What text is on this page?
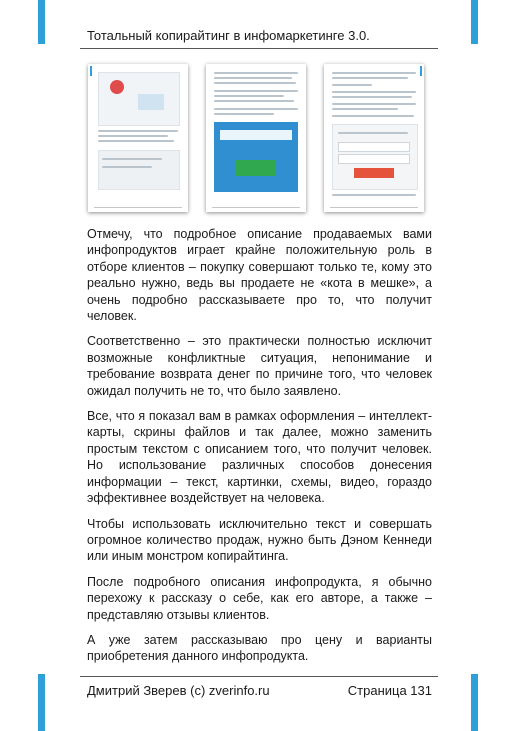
Тотальный копирайтинг в инфомаркетинге 3.0.

Отмечу, что подробное описание продаваемых вами инфопродуктов играет крайне положительную роль в отборе клиентов – покупку совершают только те, кому это реально нужно, ведь вы продаете не «кота в мешке», а очень подробно рассказываете про то, что получит человек.

Соответственно – это практически полностью исключит возможные конфликтные ситуация, непонимание и требование возврата денег по причине того, что человек ожидал получить не то, что было заявлено.

Все, что я показал вам в рамках оформления – интеллект-карты, скрины файлов и так далее, можно заменить простым текстом с описанием того, что получит человек. Но использование различных способов донесения информации – текст, картинки, схемы, видео, гораздо эффективнее воздействует на человека.

Чтобы использовать исключительно текст и совершать огромное количество продаж, нужно быть Дэном Кеннеди или иным монстром копирайтинга.

После подробного описания инфопродукта, я обычно перехожу к рассказу о себе, как его авторе, а также – представляю отзывы клиентов.

А уже затем рассказываю про цену и варианты приобретения данного инфопродукта.

Дмитрий Зверев (c) zverinfo.ru	Страница 131
